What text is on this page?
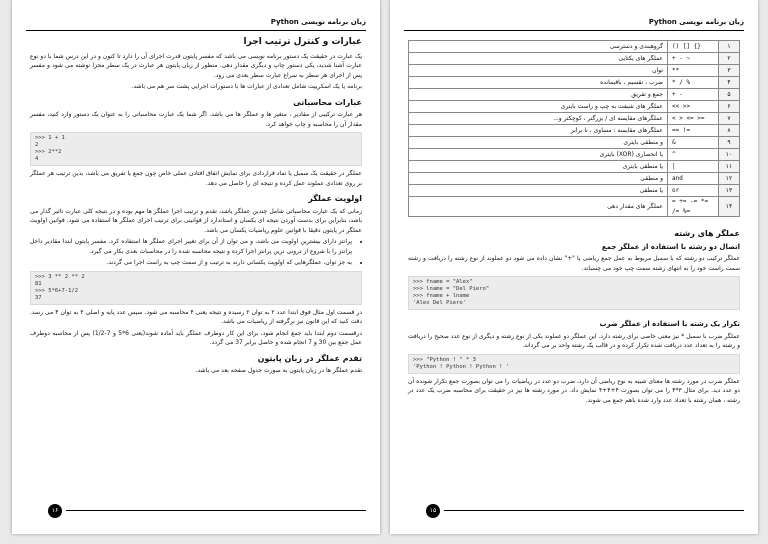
زبان برنامه نویسی Python
عبارات و کنترل ترتیب اجرا

یک عبارت در حقیقت یک دستور برنامه نویسی می باشد که مفسر پایتون قدرت اجرای آن را دارد تا کنون و در این درس شما با دو نوع عبارت آشنا شدید، یکی دستور چاپ و دیگری مقدار دهی. منظور از زبان پایتون هر عبارت در یک سطر مجزا نوشته می شود و مفسر پس از اجرای هر سطر به سراغ عبارت سطر بعدی می رود.

برنامه یا یک اسکریپت شامل تعدادی از عبارات ها با دستورات اجرایی پشت سر هم می باشد.

عبارات محاسباتی

هر عبارت ترکیبی از مقادیر ، متغیر ها و عملگر ها می باشد. اگر شما یک عبارت محاسباتی را به عنوان یک دستور وارد کنید، مفسر مقدار آن را محاسبه و چاپ خواهد کرد.

>>> 1 + 1
2
>>> 2**2
4

عملگر در حقیقت یک سمبل یا نماد قراردادی برای نمایش اتفاق افتادن عملی خاص چون جمع یا تفریق می باشد، بدین ترتیب هر عملگر بر روی تعدادی عملوند عمل کرده و نتیجه ای را حاصل می دهد.

اولویت عملگر

زمانی که یک عبارت محاسباتی شامل چندین عملگر باشد، تقدم و ترتیب اجرا عملگر ها مهم بوده و در نتیجه کلی عبارت تاثیر گذار می باشد، بنابراین برای بدست آوردن نتیجه ای یکسان و استاندارد از قوانینی برای ترتیب اجرای عملگر ها استفاده می شود. قوانین اولویت عملگر در پایتون دقیقا با قوانین علوم ریاضیات یکسان می باشد.

• پرانتز دارای بیشترین اولویت می باشد، و می توان از آن برای تغییر اجرای عملگر ها استفاده کرد. مفسر پایتون ابتدا مقادیر داخل پرانتز را با شروع از درونی ترین پرانتز اجرا کرده و نتیجه محاسبه شده را در محاسبات بعدی بکار می گیرد.
• به جز توان، عملگرهایی که اولویت یکسانی دارند به ترتیب و از سمت چپ به راست اجرا می گردند.
>>> 3 ** 2 ** 2
81
>>> 5*6+7-1/2
37

در قسمت اول مثال فوق ابتدا عدد ۲ به توان ۲ رسیده و نتیجه یعنی ۴ محاسبه می شود. سپس عدد پایه و اصلی ۳ به توان ۴ می رسد. دقت کنید که این قانون نیز برگرفته از ریاضیات می باشد.

درقسمت دوم ابتدا باید جمع انجام شود، برای این کار دوطرف عملگر باید آماده شوند(یعنی 6*5 و 7-1/2) پس از محاسبه دوطرف عمل جمع بین 30 و 7 انجام شده و حاصل برابر 37 می گردد.

تقدم عملگر در زبان پایتون

تقدم عملگر ها در زبان پایتون به صورت جدول صفحه بعد می باشد.

۱۶
زبان برنامه نویسی Python
۱	() [] {}	گروهبندی و دسترسی
۲	+ - ~	عملگر های یکتایی
۳	**	توان
۴	* / %	ضرب ، تقسیم ، باقیمانده
۵	+ -	جمع و تفریق
۶	<< >>	عملگر های شیفت به چپ و راست بایتری
۷	< > <= >=	عملگرهای مقایسه ای / بزرگتر ، کوچکتر و...
۸	== !=	عملگرهای مقایسه : مساوی ، نا برابر
۹	&	و منطقی بایتری
۱۰	^	یا انحصاری (XOR) بایتری
۱۱	|	یا منطقی بایتری
۱۲	and	و منطقی
۱۳	or	یا منطقی
۱۴	= += -= *= /= %=	عملگر های مقدار دهی
عملگر های رشته
اتصال دو رشته با استفاده از عملگر جمع

عملگر ترکیب دو رشته که با سمبل مربوط به عمل جمع ریاضی یا "+" نشان داده می شود دو عملوند از نوع رشته را دریافت و رشته سمت راست خود را به انتهای رشته سمت چپ خود می چسباند.

>>> fname = "Alex"
>>> lname = "Del Piero"
>>> fname + lname
'Alex Del Piero'
تکرار یک رشته با استفاده از عملگر ضرب

عملگر ضرب با سمبل * نیز معنی خاصی برای رشته دارد. این عملگر دو عملوند یکی از نوع رشته و دیگری از نوع عدد صحیح را دریافت و رشته را به تعداد عدد دریافت شده تکرار کرده و در قالب یک رشته واحد بر می گرداند.

>>> "Python ! " * 3
'Python ! Python ! Python ! '

عملگر ضرب در مورد رشته ها معنای شبیه به نوع ریاضی آن دارد، ضرب دو عدد در ریاضیات را می توان بصورت جمع تکرار شونده آن دو عدد دید. برای مثال ۳*۴ را می توان بصورت ۴+۴+۴ نمایش داد. در مورد رشته ها نیز در حقیقت برای محاسبه ضرب یک عدد در رشته ، همان رشته با تعداد عدد وارد شده باهم جمع می شوند.

۱۵
